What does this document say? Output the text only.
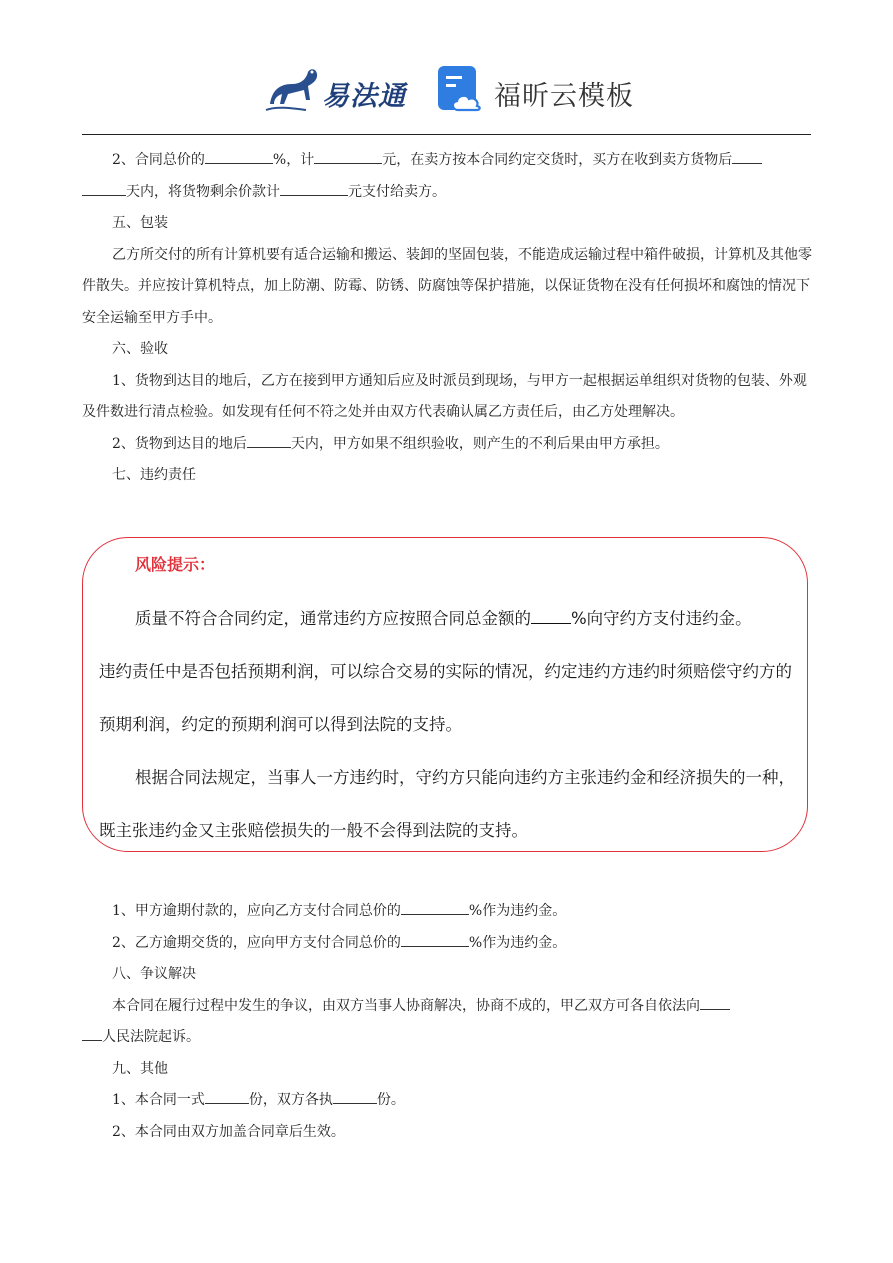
易法通	福昕云模板

2、合同总价的	%，计	元，在卖方按本合同约定交货时，买方在收到卖方货物后
天内，将货物剩余价款计	元支付给卖方。

五、包装

乙方所交付的所有计算机要有适合运输和搬运、装卸的坚固包装，不能造成运输过程中箱件破损，计算机及其他零件散失。并应按计算机特点，加上防潮、防霉、防锈、防腐蚀等保护措施，以保证货物在没有任何损坏和腐蚀的情况下安全运输至甲方手中。

六、验收

1、货物到达目的地后，乙方在接到甲方通知后应及时派员到现场，与甲方一起根据运单组织对货物的包装、外观及件数进行清点检验。如发现有任何不符之处并由双方代表确认属乙方责任后，由乙方处理解决。

2、货物到达目的地后	天内，甲方如果不组织验收，则产生的不利后果由甲方承担。

七、违约责任

风险提示：

质量不符合合同约定，通常违约方应按照合同总金额的 %向守约方支付违约金。

违约责任中是否包括预期利润，可以综合交易的实际的情况，约定违约方违约时须赔偿守约方的预期利润，约定的预期利润可以得到法院的支持。

根据合同法规定，当事人一方违约时，守约方只能向违约方主张违约金和经济损失的一种，既主张违约金又主张赔偿损失的一般不会得到法院的支持。

1、甲方逾期付款的，应向乙方支付合同总价的	%作为违约金。

2、乙方逾期交货的，应向甲方支付合同总价的	%作为违约金。

八、争议解决

本合同在履行过程中发生的争议，由双方当事人协商解决，协商不成的，甲乙双方可各自依法向
人民法院起诉。

九、其他

1、本合同一式	份，双方各执	份。

2、本合同由双方加盖合同章后生效。
